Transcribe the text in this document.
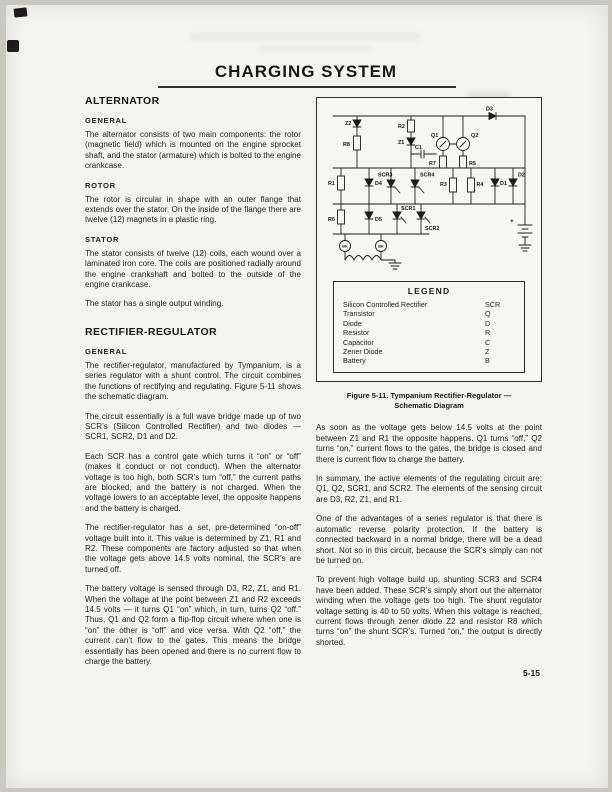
CHARGING SYSTEM
ALTERNATOR
GENERAL

The alternator consists of two main components: the rotor (magnetic field) which is mounted on the engine sprocket shaft, and the stator (armature) which is bolted to the engine crankcase.

ROTOR

The rotor is circular in shape with an outer flange that extends over the stator. On the inside of the flange there are twelve (12) magnets in a plastic ring.

STATOR

The stator consists of twelve (12) coils, each wound over a laminated iron core. The coils are positioned radially around the engine crankshaft and bolted to the outside of the engine crankcase.

The stator has a single output winding.

RECTIFIER-REGULATOR
GENERAL

The rectifier-regulator, manufactured by Tympanium, is a series regulator with a shunt control. The circuit combines the functions of rectifying and regulating. Figure 5-11 shows the schematic diagram.

The circuit essentially is a full wave bridge made up of two SCR’s (Silicon Controlled Rectifier) and two diodes — SCR1, SCR2, D1 and D2.

Each SCR has a control gate which turns it “on” or “off” (makes it conduct or not conduct). When the alternator voltage is too high, both SCR’s turn “off,” the current paths are blocked, and the battery is not charged. When the voltage lowers to an acceptable level, the opposite happens and the battery is charged.

The rectifier-regulator has a set, pre-determined “on-off” voltage built into it. This value is determined by Z1, R1 and R2. These components are factory adjusted so that when the voltage gets above 14.5 volts nominal, the SCR’s are turned off.

The battery voltage is sensed through D3, R2, Z1, and R1. When the voltage at the point between Z1 and R2 exceeds 14.5 volts — it turns Q1 “on” which, in turn, turns Q2 “off.” Thus, Q1 and Q2 form a flip-flop circuit where when one is “on” the other is “off” and vice versa. With Q2 “off,” the current can’t flow to the gates. This means the bridge essentially has been opened and there is no current flow to charge the battery.

Z2
R8
R2
Z1
C1
Q1	Q2
R7	R5
D3
R1	D4
SCR3	SCR4
R3	R4	D1
D2
R6	D5
SCR1
SCR2
BK	BK
+
LEGEND
Silicon Controlled Rectifier	SCR
Transistor	Q
Diode	D
Resistor	R
Capacitor	C
Zener Diode	Z
Battery	B
Figure 5-11. Tympanium Rectifier-Regulator —
Schematic Diagram

As soon as the voltage gets below 14.5 volts at the point between Z1 and R1 the opposite happens. Q1 turns “off,” Q2 turns “on,” current flows to the gates, the bridge is closed and there is current flow to charge the battery.

In summary, the active elements of the regulating circuit are: Q1, Q2, SCR1, and SCR2. The elements of the sensing circuit are D3, R2, Z1, and R1.

One of the advantages of a series regulator is that there is automatic reverse polarity protection. If the battery is connected backward in a normal bridge, there will be a dead short. Not so in this circuit, because the SCR’s simply can not be turned on.

To prevent high voltage build up, shunting SCR3 and SCR4 have been added. These SCR’s simply short out the alternator winding when the voltage gets too high. The shunt regulator voltage setting is 40 to 50 volts. When this voltage is reached, current flows through zener diode Z2 and resistor R8 which turns “on” the shunt SCR’s. Turned “on,” the output is directly shorted.

5-15
